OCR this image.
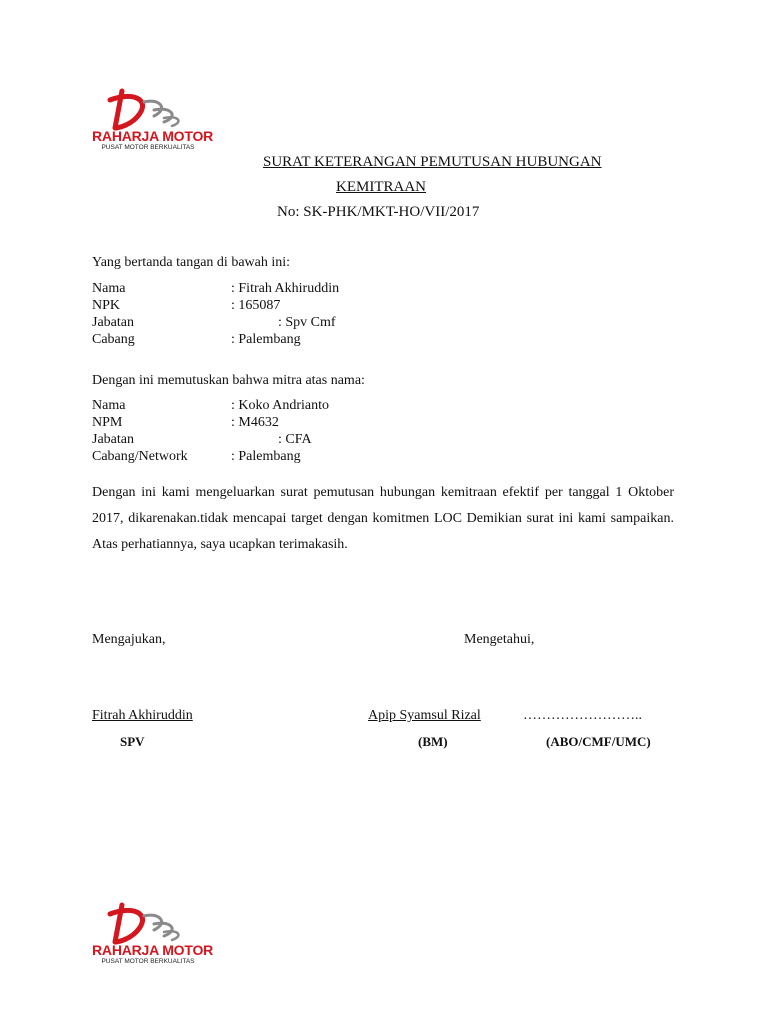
RAHARJA MOTOR
PUSAT MOTOR BERKUALITAS
SURAT KETERANGAN PEMUTUSAN HUBUNGAN
KEMITRAAN
No: SK-PHK/MKT-HO/VII/2017
Yang bertanda tangan di bawah ini:
Nama	: Fitrah Akhiruddin
NPK	: 165087
Jabatan	: Spv Cmf
Cabang	: Palembang
Dengan ini memutuskan bahwa mitra atas nama:
Nama	: Koko Andrianto
NPM	: M4632
Jabatan	: CFA
Cabang/Network	: Palembang
Dengan ini kami mengeluarkan surat pemutusan hubungan kemitraan efektif per tanggal 1 Oktober 2017, dikarenakan.tidak mencapai target dengan komitmen LOC Demikian surat ini kami sampaikan. Atas perhatiannya, saya ucapkan terimakasih.
Mengajukan,	Mengetahui,
Fitrah Akhiruddin	Apip Syamsul Rizal	……………………..
SPV	(BM)	(ABO/CMF/UMC)
RAHARJA MOTOR
PUSAT MOTOR BERKUALITAS
